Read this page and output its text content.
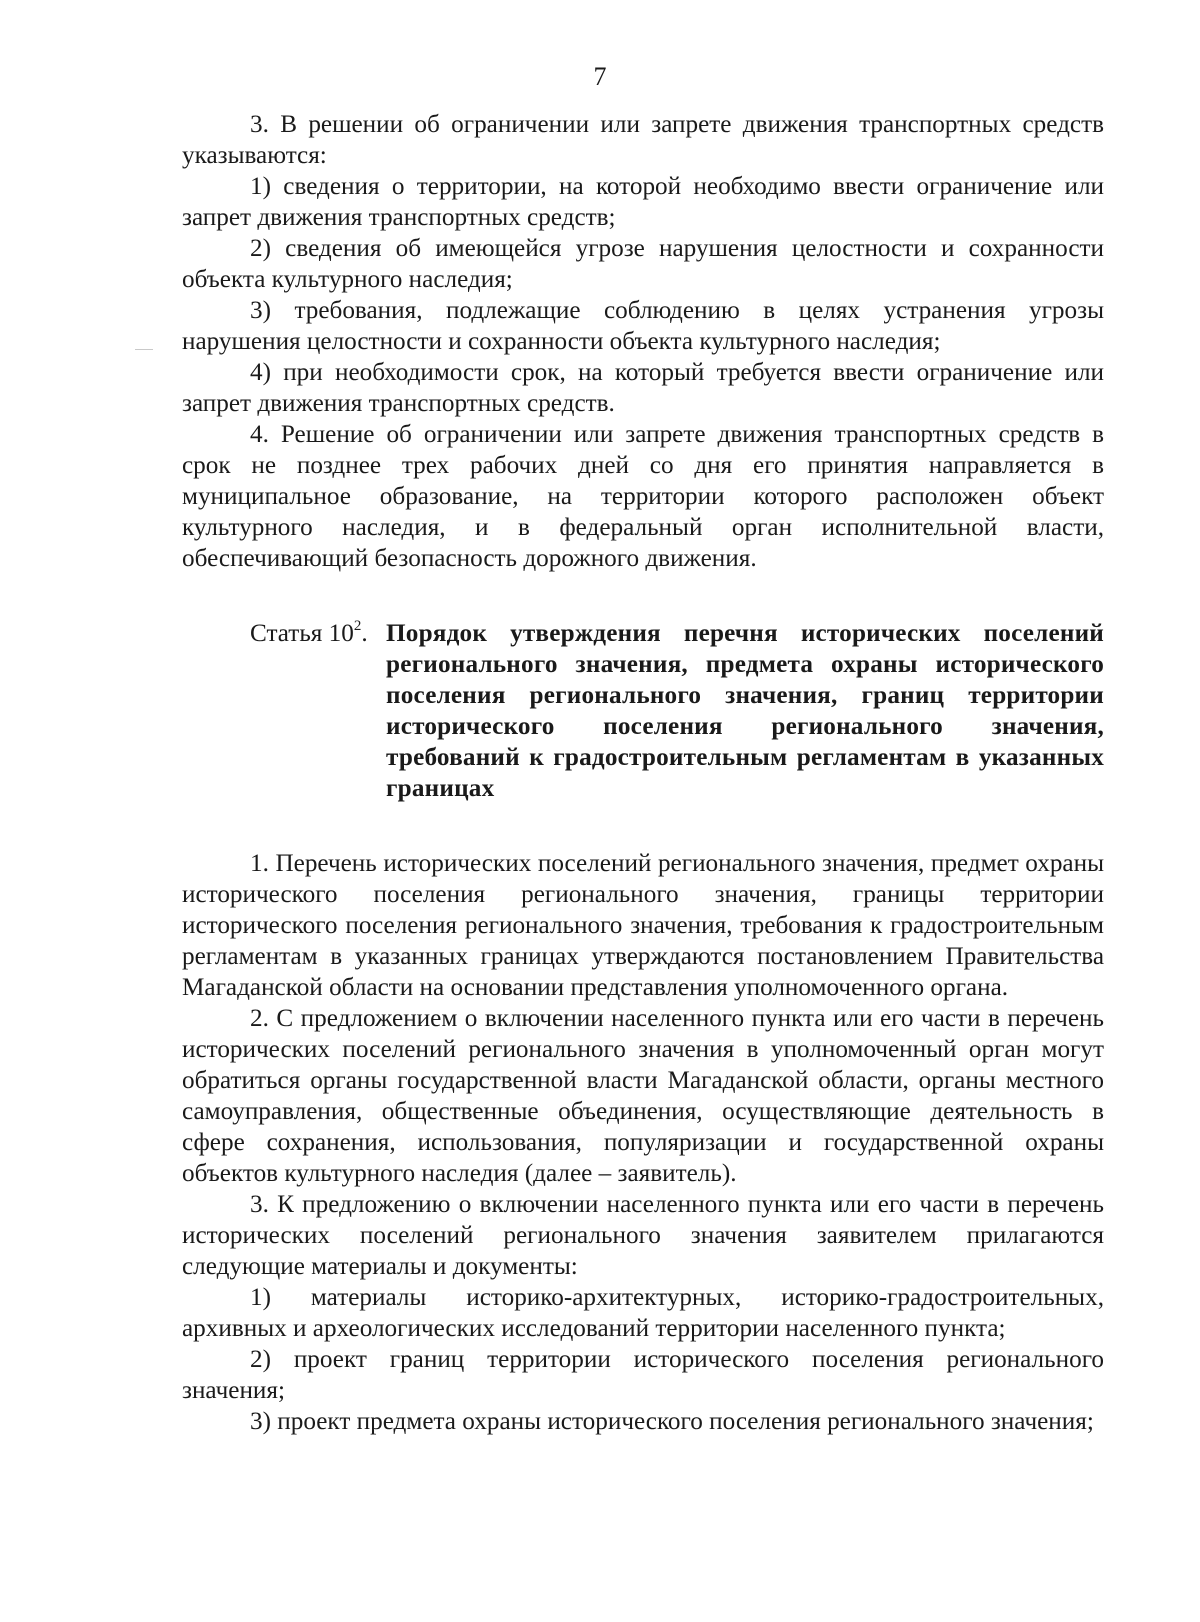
7

3. В решении об ограничении или запрете движения транспортных средств указываются:

1) сведения о территории, на которой необходимо ввести ограничение или запрет движения транспортных средств;

2) сведения об имеющейся угрозе нарушения целостности и сохранности объекта культурного наследия;

3) требования, подлежащие соблюдению в целях устранения угрозы нарушения целостности и сохранности объекта культурного наследия;

4) при необходимости срок, на который требуется ввести ограничение или запрет движения транспортных средств.

4. Решение об ограничении или запрете движения транспортных средств в срок не позднее трех рабочих дней со дня его принятия направляется в муниципальное образование, на территории которого расположен объект культурного наследия, и в федеральный орган исполнительной власти, обеспечивающий безопасность дорожного движения.

Статья $10^2$. Порядок утверждения перечня исторических поселений регионального значения, предмета охраны исторического поселения регионального значения, границ территории исторического поселения регионального значения, требований к градостроительным регламентам в указанных границах

1. Перечень исторических поселений регионального значения, предмет охраны исторического поселения регионального значения, границы территории исторического поселения регионального значения, требования к градостроительным регламентам в указанных границах утверждаются постановлением Правительства Магаданской области на основании представления уполномоченного органа.

2. С предложением о включении населенного пункта или его части в перечень исторических поселений регионального значения в уполномоченный орган могут обратиться органы государственной власти Магаданской области, органы местного самоуправления, общественные объединения, осуществляющие деятельность в сфере сохранения, использования, популяризации и государственной охраны объектов культурного наследия (далее – заявитель).

3. К предложению о включении населенного пункта или его части в перечень исторических поселений регионального значения заявителем прилагаются следующие материалы и документы:

1) материалы историко-архитектурных, историко-градостроительных, архивных и археологических исследований территории населенного пункта;

2) проект границ территории исторического поселения регионального значения;

3) проект предмета охраны исторического поселения регионального значения;
